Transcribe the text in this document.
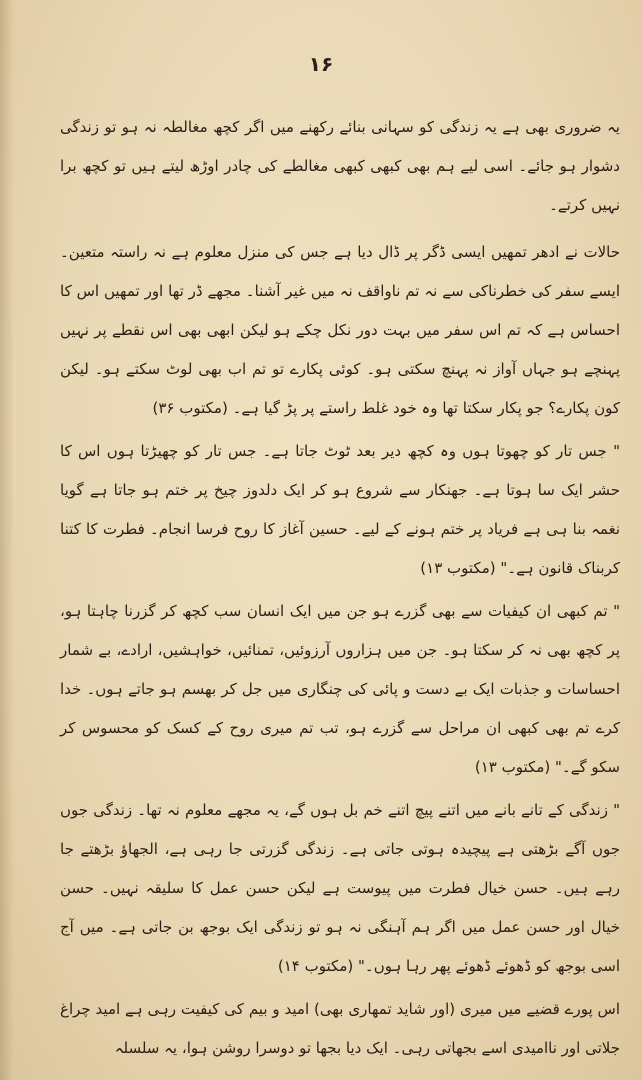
۱۶

یہ ضروری بھی ہے یہ زندگی کو سہانی بنائے رکھنے میں اگر کچھ مغالطہ نہ ہو تو زندگی دشوار ہو جائے۔ اسی لیے ہم بھی کبھی کبھی مغالطے کی چادر اوڑھ لیتے ہیں تو کچھ برا نہیں کرتے۔

حالات نے ادھر تمھیں ایسی ڈگر پر ڈال دیا ہے جس کی منزل معلوم ہے نہ راستہ متعین۔ ایسے سفر کی خطرناکی سے نہ تم ناواقف نہ میں غیر آشنا۔ مجھے ڈر تھا اور تمھیں اس کا احساس ہے کہ تم اس سفر میں بہت دور نکل چکے ہو لیکن ابھی بھی اس نقطے پر نہیں پہنچے ہو جہاں آواز نہ پہنچ سکتی ہو۔ کوئی پکارے تو تم اب بھی لوٹ سکتے ہو۔ لیکن کون پکارے؟ جو پکار سکتا تھا وہ خود غلط راستے پر پڑ گیا ہے۔ (مکتوب ۳۶)

" جس تار کو چھوتا ہوں وہ کچھ دیر بعد ٹوٹ جاتا ہے۔ جس تار کو چھیڑتا ہوں اس کا حشر ایک سا ہوتا ہے۔ جھنکار سے شروع ہو کر ایک دلدوز چیخ پر ختم ہو جاتا ہے گویا نغمہ بنا ہی ہے فریاد پر ختم ہونے کے لیے۔ حسین آغاز کا روح فرسا انجام۔ فطرت کا کتنا کربناک قانون ہے۔" (مکتوب ۱۳)

" تم کبھی ان کیفیات سے بھی گزرے ہو جن میں ایک انسان سب کچھ کر گزرنا چاہتا ہو، پر کچھ بھی نہ کر سکتا ہو۔ جن میں ہزاروں آرزوئیں، تمنائیں، خواہشیں، ارادے، بے شمار احساسات و جذبات ایک بے دست و پائی کی چنگاری میں جل کر بھسم ہو جاتے ہوں۔ خدا کرے تم بھی کبھی ان مراحل سے گزرے ہو، تب تم میری روح کے کسک کو محسوس کر سکو گے۔" (مکتوب ۱۳)

" زندگی کے تانے بانے میں اتنے پیچ اتنے خم بل ہوں گے، یہ مجھے معلوم نہ تھا۔ زندگی جوں جوں آگے بڑھتی ہے پیچیدہ ہوتی جاتی ہے۔ زندگی گزرتی جا رہی ہے، الجھاؤ بڑھتے جا رہے ہیں۔ حسن خیال فطرت میں پیوست ہے لیکن حسن عمل کا سلیقہ نہیں۔ حسن خیال اور حسن عمل میں اگر ہم آہنگی نہ ہو تو زندگی ایک بوجھ بن جاتی ہے۔ میں آج اسی بوجھ کو ڈھوئے ڈھوئے پھر رہا ہوں۔" (مکتوب ۱۴)

اس پورے قضیے میں میری (اور شاید تمھاری بھی) امید و بیم کی کیفیت رہی ہے امید چراغ جلاتی اور ناامیدی اسے بجھاتی رہی۔ ایک دیا بجھا تو دوسرا روشن ہوا، یہ سلسلہ
